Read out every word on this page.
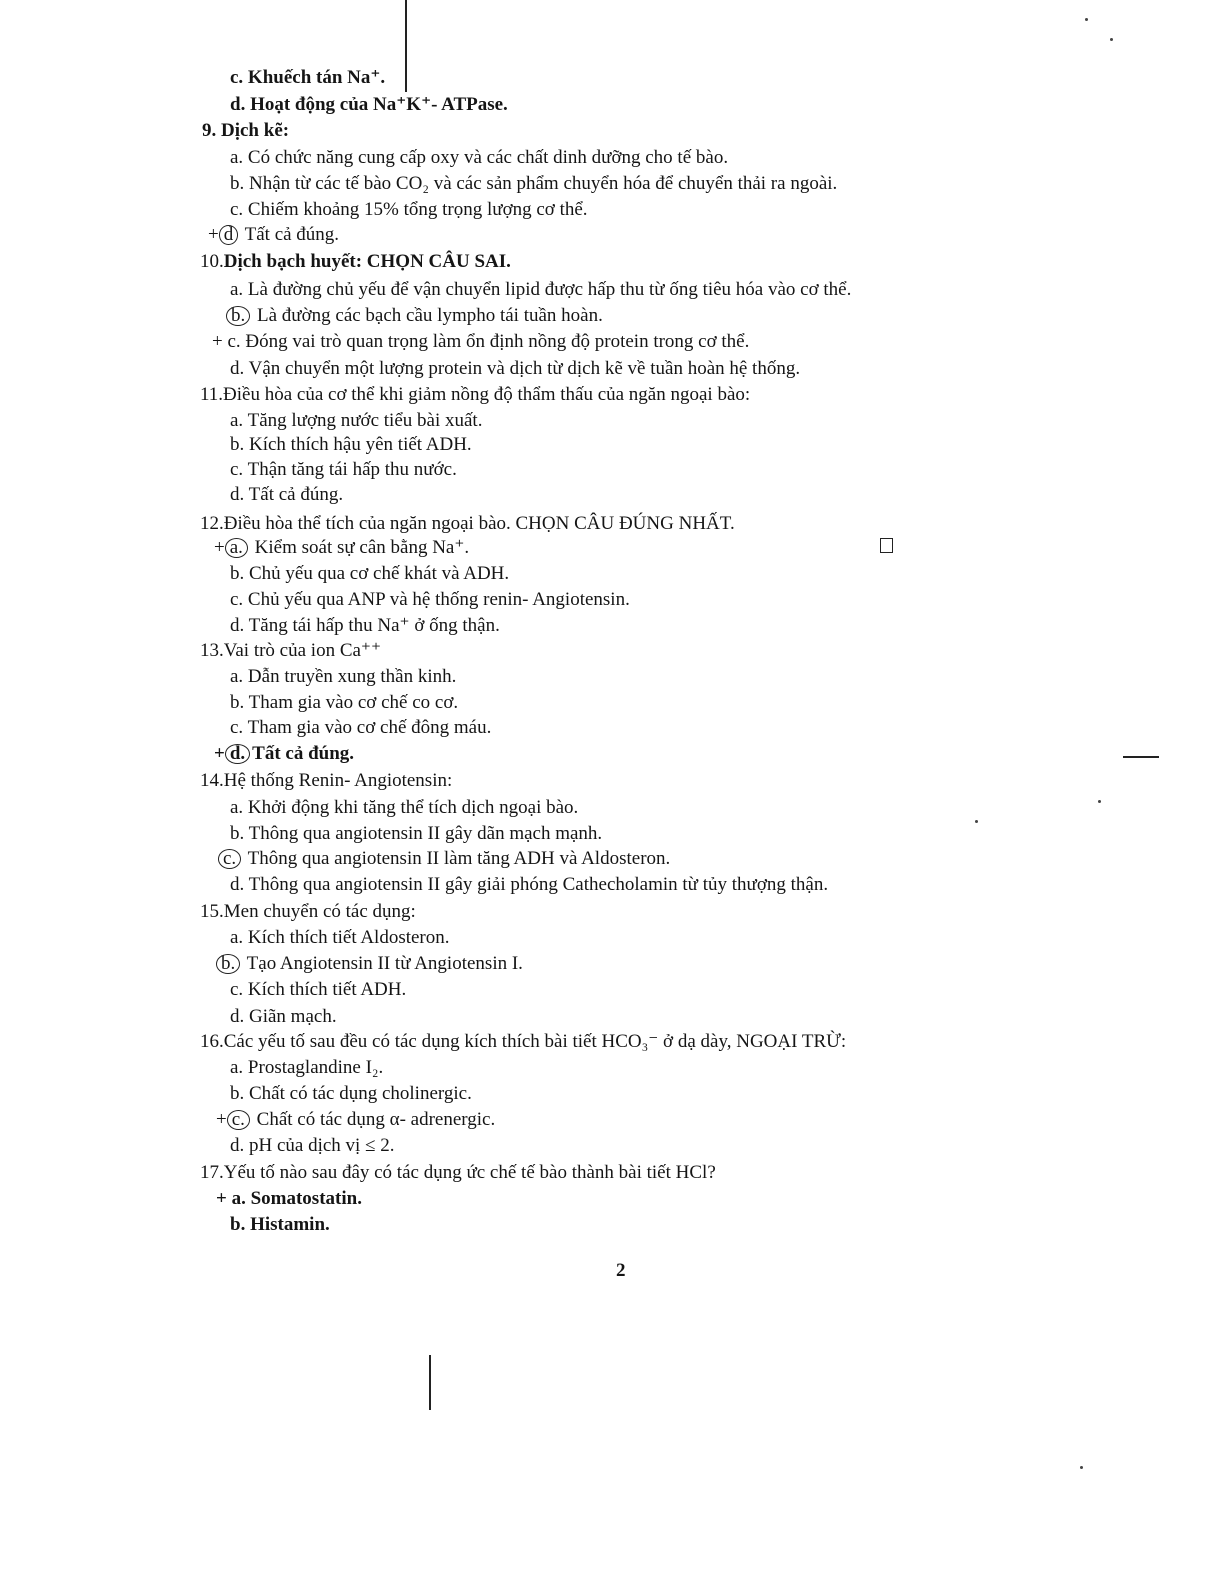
c. Khuếch tán Na⁺.
d. Hoạt động của Na⁺K⁺- ATPase.
9. Dịch kẽ:
a. Có chức năng cung cấp oxy và các chất dinh dưỡng cho tế bào.
b. Nhận từ các tế bào CO₂ và các sản phẩm chuyển hóa để chuyển thải ra ngoài.
c. Chiếm khoảng 15% tổng trọng lượng cơ thể.
+ d Tất cả đúng.
10.Dịch bạch huyết: CHỌN CÂU SAI.
a. Là đường chủ yếu để vận chuyển lipid được hấp thu từ ống tiêu hóa vào cơ thể.
b. Là đường các bạch cầu lympho tái tuần hoàn.
+ c. Đóng vai trò quan trọng làm ổn định nồng độ protein trong cơ thể.
d. Vận chuyển một lượng protein và dịch từ dịch kẽ về tuần hoàn hệ thống.
11.Điều hòa của cơ thể khi giảm nồng độ thẩm thấu của ngăn ngoại bào:
a. Tăng lượng nước tiểu bài xuất.
b. Kích thích hậu yên tiết ADH.
c. Thận tăng tái hấp thu nước.
d. Tất cả đúng.
12.Điều hòa thể tích của ngăn ngoại bào. CHỌN CÂU ĐÚNG NHẤT.
+ a. Kiểm soát sự cân bằng Na⁺.
b. Chủ yếu qua cơ chế khát và ADH.
c. Chủ yếu qua ANP và hệ thống renin- Angiotensin.
d. Tăng tái hấp thu Na⁺ ở ống thận.
13.Vai trò của ion Ca⁺⁺
a. Dẫn truyền xung thần kinh.
b. Tham gia vào cơ chế co cơ.
c. Tham gia vào cơ chế đông máu.
+ d. Tất cả đúng.
14.Hệ thống Renin- Angiotensin:
a. Khởi động khi tăng thể tích dịch ngoại bào.
b. Thông qua angiotensin II gây dãn mạch mạnh.
c. Thông qua angiotensin II làm tăng ADH và Aldosteron.
d. Thông qua angiotensin II gây giải phóng Cathecholamin từ tủy thượng thận.
15.Men chuyển có tác dụng:
a. Kích thích tiết Aldosteron.
b. Tạo Angiotensin II từ Angiotensin I.
c. Kích thích tiết ADH.
d. Giãn mạch.
16.Các yếu tố sau đều có tác dụng kích thích bài tiết HCO₃⁻ ở dạ dày, NGOẠI TRỪ:
a. Prostaglandine I₂.
b. Chất có tác dụng cholinergic.
+ c. Chất có tác dụng α- adrenergic.
d. pH của dịch vị ≤ 2.
17.Yếu tố nào sau đây có tác dụng ức chế tế bào thành bài tiết HCl?
+ a. Somatostatin.
b. Histamin.
2
